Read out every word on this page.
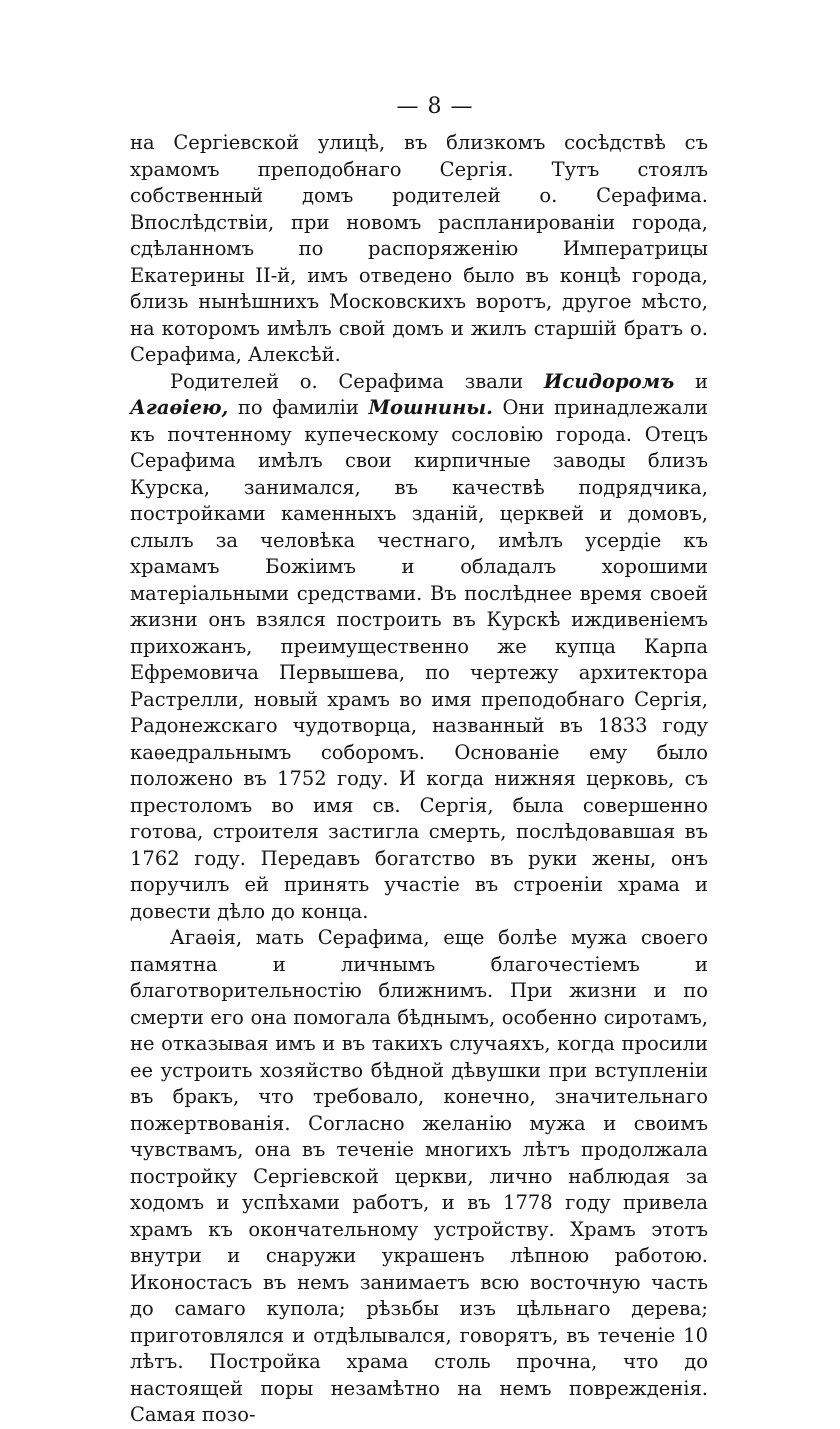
— 8 —

на Сергіевской улицѣ, въ близкомъ сосѣдствѣ съ храмомъ преподобнаго Сергія. Тутъ стоялъ собственный домъ родителей о. Серафима. Впослѣдствіи, при новомъ распланированіи города, сдѣланномъ по распоряженію Императрицы Екатерины II-й, имъ отведено было въ концѣ города, близь нынѣшнихъ Московскихъ воротъ, другое мѣсто, на которомъ имѣлъ свой домъ и жилъ старшій братъ о. Серафима, Алексѣй.

Родителей о. Серафима звали Исидоромъ и Агаѳіею, по фамиліи Мошнины. Они принадлежали къ почтенному купеческому сословію города. Отецъ Серафима имѣлъ свои кирпичные заводы близъ Курска, занимался, въ качествѣ подрядчика, постройками каменныхъ зданій, церквей и домовъ, слылъ за человѣка честнаго, имѣлъ усердіе къ храмамъ Божіимъ и обладалъ хорошими матеріальными средствами. Въ послѣднее время своей жизни онъ взялся построить въ Курскѣ иждивеніемъ прихожанъ, преимущественно же купца Карпа Ефремовича Первышева, по чертежу архитектора Растрелли, новый храмъ во имя преподобнаго Сергія, Радонежскаго чудотворца, названный въ 1833 году каѳедральнымъ соборомъ. Основаніе ему было положено въ 1752 году. И когда нижняя церковь, съ престоломъ во имя св. Сергія, была совершенно готова, строителя застигла смерть, послѣдовавшая въ 1762 году. Передавъ богатство въ руки жены, онъ поручилъ ей принять участіе въ строеніи храма и довести дѣло до конца.

Агаѳія, мать Серафима, еще болѣе мужа своего памятна и личнымъ благочестіемъ и благотворительностію ближнимъ. При жизни и по смерти его она помогала бѣднымъ, особенно сиротамъ, не отказывая имъ и въ такихъ случаяхъ, когда просили ее устроить хозяйство бѣдной дѣвушки при вступленіи въ бракъ, что требовало, конечно, значительнаго пожертвованія. Согласно желанію мужа и своимъ чувствамъ, она въ теченіе многихъ лѣтъ продолжала постройку Сергіевской церкви, лично наблюдая за ходомъ и успѣхами работъ, и въ 1778 году привела храмъ къ окончательному устройству. Храмъ этотъ внутри и снаружи украшенъ лѣпною работою. Иконостасъ въ немъ занимаетъ всю восточную часть до самаго купола; рѣзьбы изъ цѣльнаго дерева; приготовлялся и отдѣлывался, говорятъ, въ теченіе 10 лѣтъ. Постройка храма столь прочна, что до настоящей поры незамѣтно на немъ поврежденія. Самая позо-
